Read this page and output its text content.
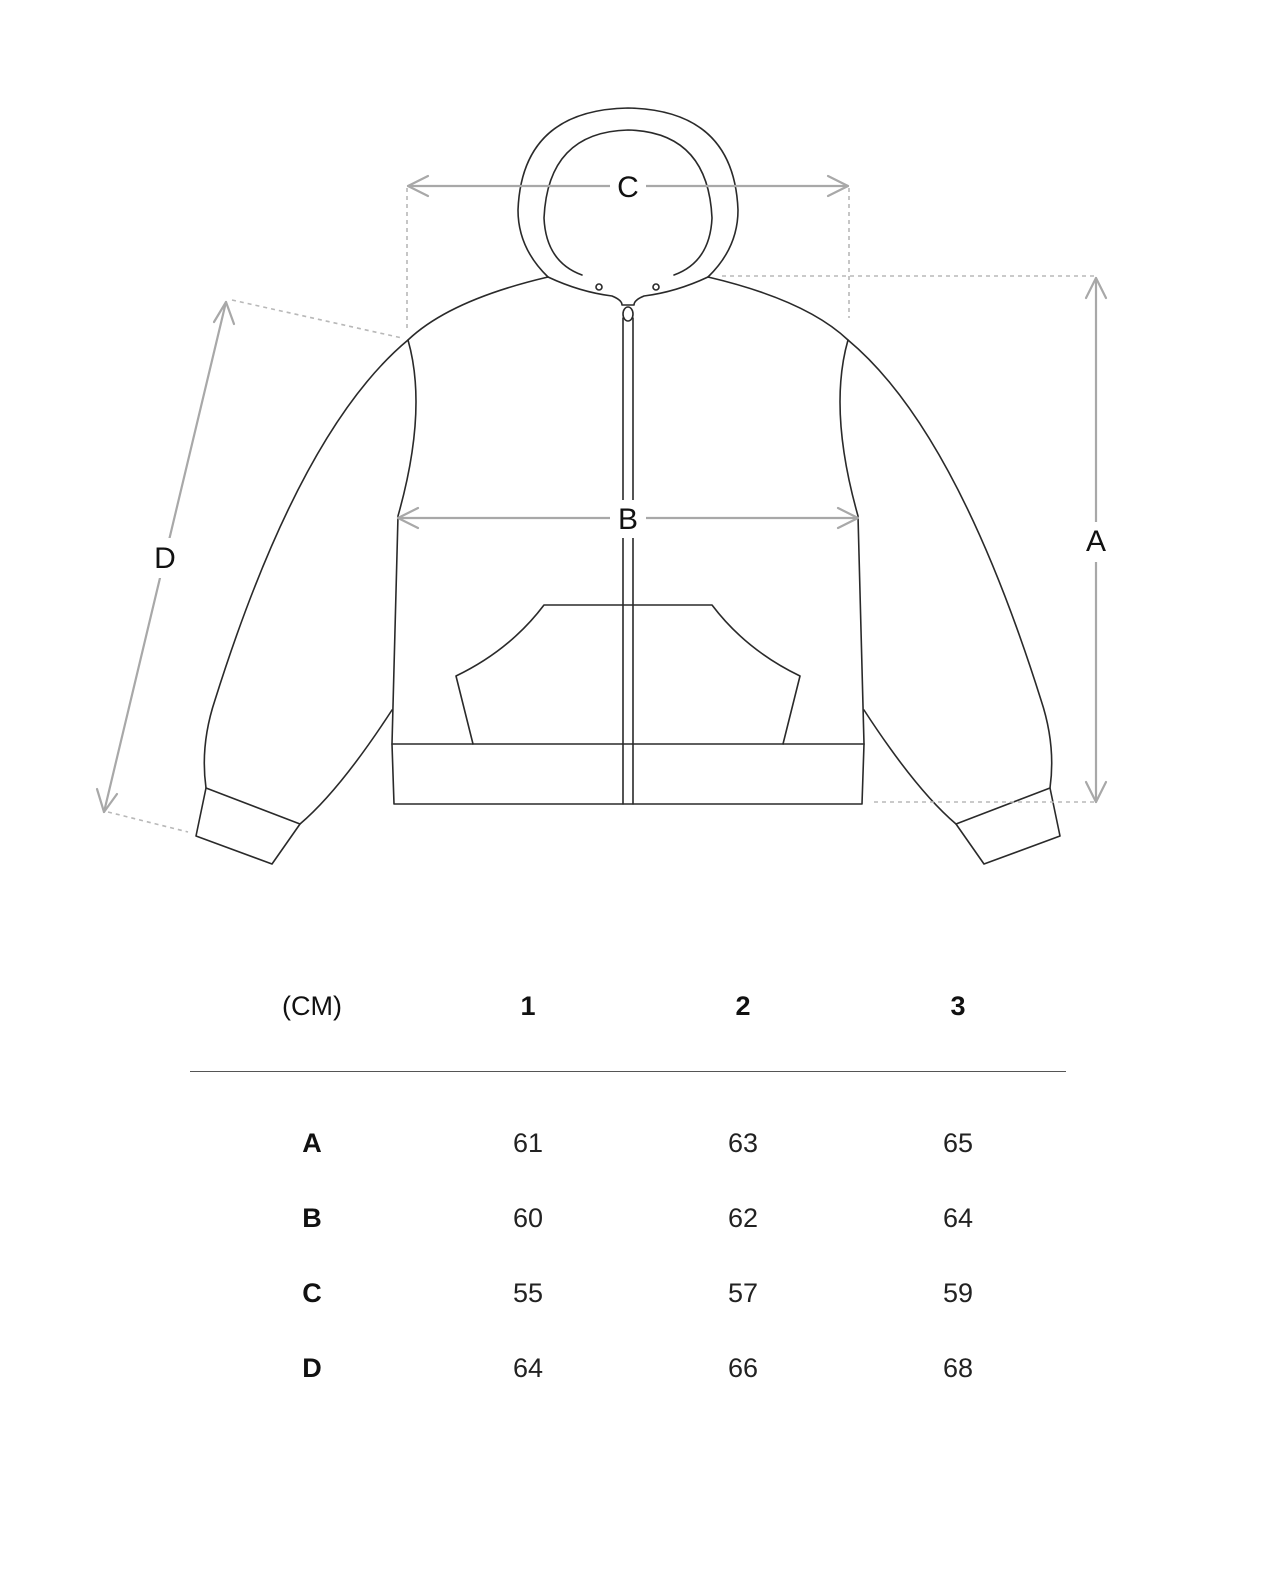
C
B
A
D
(CM)	1	2	3
A	61	63	65
B	60	62	64
C	55	57	59
D	64	66	68
